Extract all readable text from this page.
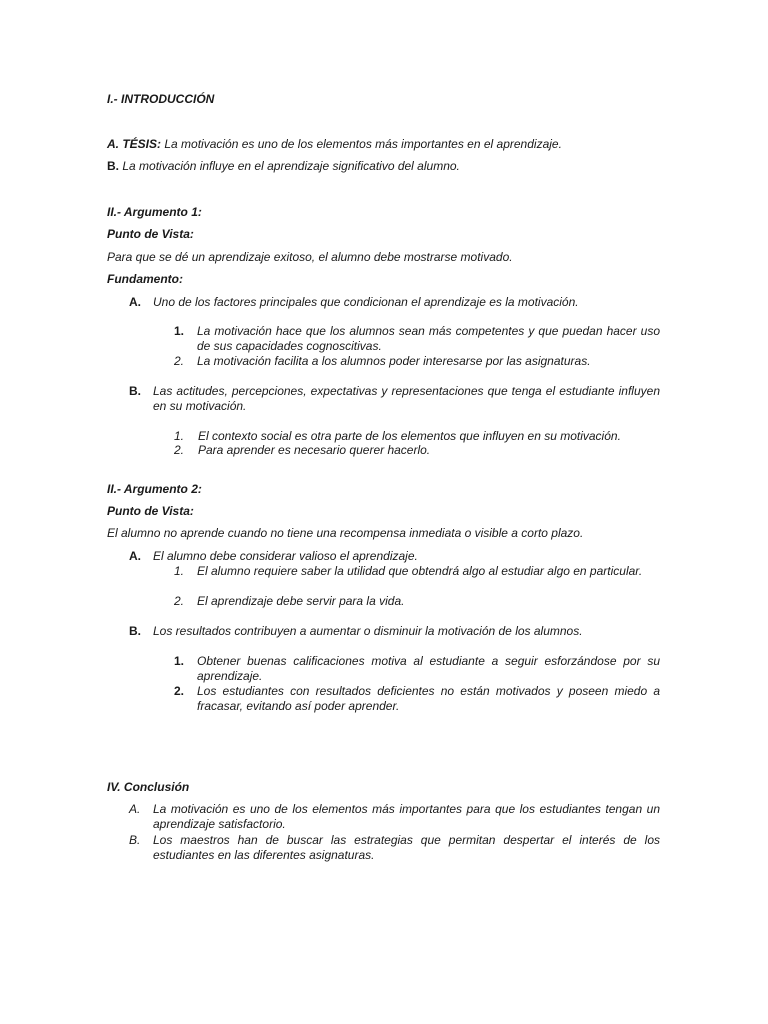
I.- INTRODUCCIÓN
A. TÉSIS: La motivación es uno de los elementos más importantes en el aprendizaje.
B. La motivación influye en el aprendizaje significativo del alumno.
II.- Argumento 1:
Punto de Vista:
Para que se dé un aprendizaje exitoso, el alumno debe mostrarse motivado.
Fundamento:
A. Uno de los factores principales que condicionan el aprendizaje es la motivación.
1. La motivación hace que los alumnos sean más competentes y que puedan hacer uso de sus capacidades cognoscitivas.
2. La motivación facilita a los alumnos poder interesarse por las asignaturas.
B. Las actitudes, percepciones, expectativas y representaciones que tenga el estudiante influyen en su motivación.
1. El contexto social es otra parte de los elementos que influyen en su motivación.
2. Para aprender es necesario querer hacerlo.
II.- Argumento 2:
Punto de Vista:
El alumno no aprende cuando no tiene una recompensa inmediata o visible a corto plazo.
A. El alumno debe considerar valioso el aprendizaje.
1. El alumno requiere saber la utilidad que obtendrá algo al estudiar algo en particular.
2. El aprendizaje debe servir para la vida.
B. Los resultados contribuyen a aumentar o disminuir la motivación de los alumnos.
1. Obtener buenas calificaciones motiva al estudiante a seguir esforzándose por su aprendizaje.
2. Los estudiantes con resultados deficientes no están motivados y poseen miedo a fracasar, evitando así poder aprender.
IV. Conclusión
A. La motivación es uno de los elementos más importantes para que los estudiantes tengan un aprendizaje satisfactorio.
B. Los maestros han de buscar las estrategias que permitan despertar el interés de los estudiantes en las diferentes asignaturas.
